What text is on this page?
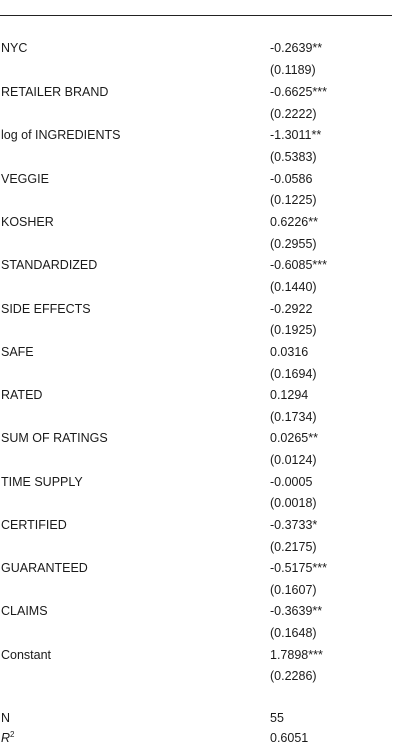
NYC	-0.2639**
(0.1189)
RETAILER BRAND	-0.6625***
(0.2222)
log of INGREDIENTS	-1.3011**
(0.5383)
VEGGIE	-0.0586
(0.1225)
KOSHER	0.6226**
(0.2955)
STANDARDIZED	-0.6085***
(0.1440)
SIDE EFFECTS	-0.2922
(0.1925)
SAFE	0.0316
(0.1694)
RATED	0.1294
(0.1734)
SUM OF RATINGS	0.0265**
(0.0124)
TIME SUPPLY	-0.0005
(0.0018)
CERTIFIED	-0.3733*
(0.2175)
GUARANTEED	-0.5175***
(0.1607)
CLAIMS	-0.3639**
(0.1648)
Constant	1.7898***
(0.2286)
N	55
$R^2$	0.6051
